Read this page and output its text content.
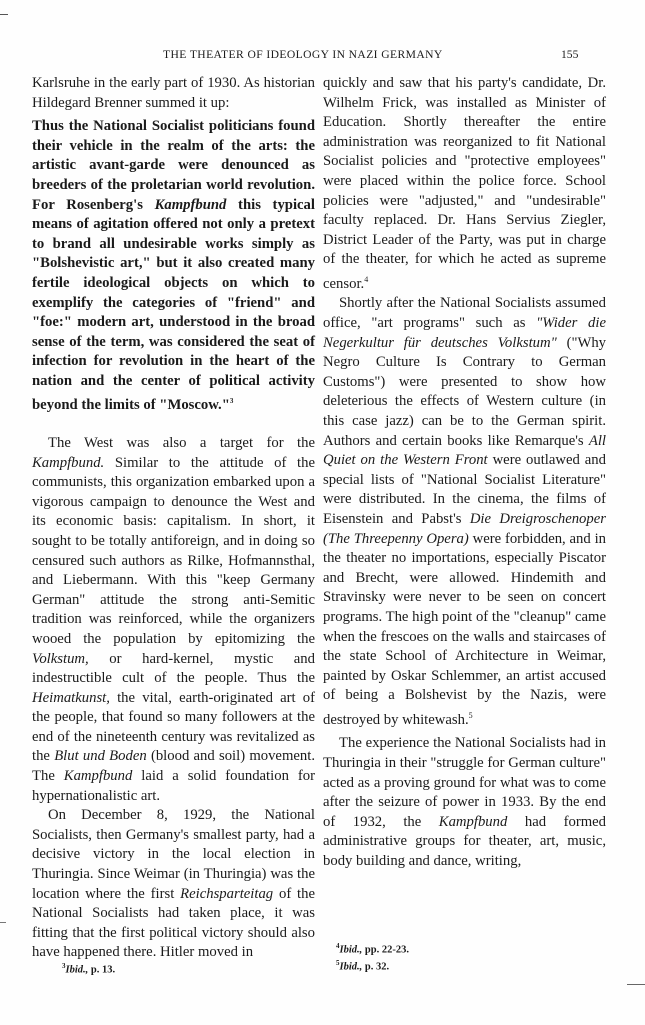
THE THEATER OF IDEOLOGY IN NAZI GERMANY	155

Karlsruhe in the early part of 1930. As historian Hildegard Brenner summed it up:

Thus the National Socialist politicians found their vehicle in the realm of the arts: the artistic avant-garde were denounced as breeders of the proletarian world revolution. For Rosenberg's Kampfbund this typical means of agitation offered not only a pretext to brand all undesirable works simply as "Bolshevistic art," but it also created many fertile ideological objects on which to exemplify the categories of "friend" and "foe:" modern art, understood in the broad sense of the term, was considered the seat of infection for revolution in the heart of the nation and the center of political activity beyond the limits of "Moscow."$^3$

The West was also a target for the Kampfbund. Similar to the attitude of the communists, this organization embarked upon a vigorous campaign to denounce the West and its economic basis: capitalism. In short, it sought to be totally antiforeign, and in doing so censured such authors as Rilke, Hofmannsthal, and Liebermann. With this "keep Germany German" attitude the strong anti-Semitic tradition was reinforced, while the organizers wooed the population by epitomizing the Volkstum, or hard-kernel, mystic and indestructible cult of the people. Thus the Heimatkunst, the vital, earth-originated art of the people, that found so many followers at the end of the nineteenth century was revitalized as the Blut und Boden (blood and soil) movement. The Kampfbund laid a solid foundation for hypernationalistic art.

On December 8, 1929, the National Socialists, then Germany's smallest party, had a decisive victory in the local election in Thuringia. Since Weimar (in Thuringia) was the location where the first Reichsparteitag of the National Socialists had taken place, it was fitting that the first political victory should also have happened there. Hitler moved in

quickly and saw that his party's candidate, Dr. Wilhelm Frick, was installed as Minister of Education. Shortly thereafter the entire administration was reorganized to fit National Socialist policies and "protective employees" were placed within the police force. School policies were "adjusted," and "undesirable" faculty replaced. Dr. Hans Servius Ziegler, District Leader of the Party, was put in charge of the theater, for which he acted as supreme censor.$^4$

Shortly after the National Socialists assumed office, "art programs" such as "Wider die Negerkultur für deutsches Volkstum" ("Why Negro Culture Is Contrary to German Customs") were presented to show how deleterious the effects of Western culture (in this case jazz) can be to the German spirit. Authors and certain books like Remarque's All Quiet on the Western Front were outlawed and special lists of "National Socialist Literature" were distributed. In the cinema, the films of Eisenstein and Pabst's Die Dreigroschenoper (The Threepenny Opera) were forbidden, and in the theater no importations, especially Piscator and Brecht, were allowed. Hindemith and Stravinsky were never to be seen on concert programs. The high point of the "cleanup" came when the frescoes on the walls and staircases of the state School of Architecture in Weimar, painted by Oskar Schlemmer, an artist accused of being a Bolshevist by the Nazis, were destroyed by whitewash.$^5$

The experience the National Socialists had in Thuringia in their "struggle for German culture" acted as a proving ground for what was to come after the seizure of power in 1933. By the end of 1932, the Kampfbund had formed administrative groups for theater, art, music, body building and dance, writing,

$^3$Ibid., p. 13.
$^4$Ibid., pp. 22-23.
$^5$Ibid., p. 32.
